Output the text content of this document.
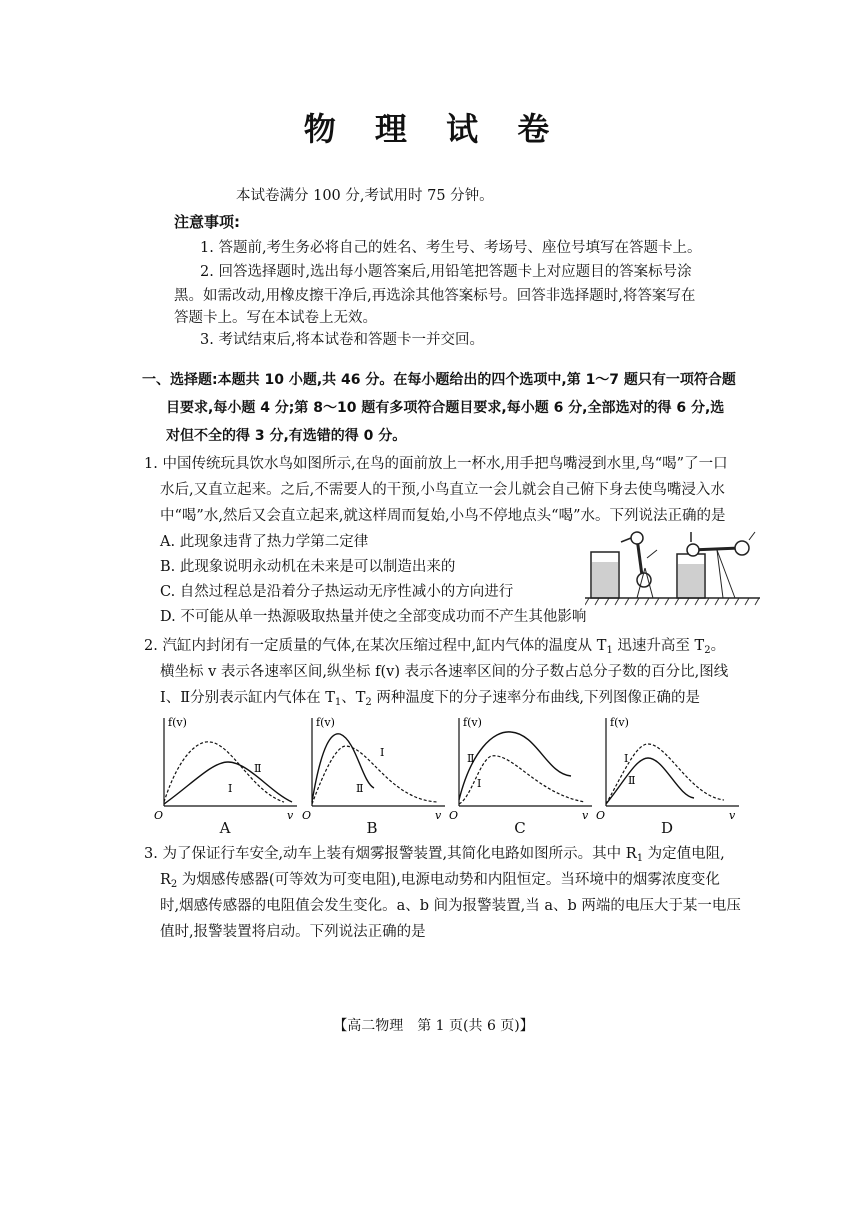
物 理 试 卷
本试卷满分 100 分,考试用时 75 分钟。
注意事项:
1. 答题前,考生务必将自己的姓名、考生号、考场号、座位号填写在答题卡上。
2. 回答选择题时,选出每小题答案后,用铅笔把答题卡上对应题目的答案标号涂
黑。如需改动,用橡皮擦干净后,再选涂其他答案标号。回答非选择题时,将答案写在
答题卡上。写在本试卷上无效。
3. 考试结束后,将本试卷和答题卡一并交回。
一、选择题:本题共 10 小题,共 46 分。在每小题给出的四个选项中,第 1～7 题只有一项符合题
目要求,每小题 4 分;第 8～10 题有多项符合题目要求,每小题 6 分,全部选对的得 6 分,选
对但不全的得 3 分,有选错的得 0 分。
1. 中国传统玩具饮水鸟如图所示,在鸟的面前放上一杯水,用手把鸟嘴浸到水里,鸟“喝”了一口
水后,又直立起来。之后,不需要人的干预,小鸟直立一会儿就会自己俯下身去使鸟嘴浸入水
中“喝”水,然后又会直立起来,就这样周而复始,小鸟不停地点头“喝”水。下列说法正确的是
A. 此现象违背了热力学第二定律
B. 此现象说明永动机在未来是可以制造出来的
C. 自然过程总是沿着分子热运动无序性减小的方向进行
D. 不可能从单一热源吸取热量并使之全部变成功而不产生其他影响
2. 汽缸内封闭有一定质量的气体,在某次压缩过程中,缸内气体的温度从 $T_1$ 迅速升高至 $T_2$。
横坐标 v 表示各速率区间,纵坐标 f(v) 表示各速率区间的分子数占总分子数的百分比,图线
Ⅰ、Ⅱ分别表示缸内气体在 $T_1$、$T_2$ 两种温度下的分子速率分布曲线,下列图像正确的是
f(v)
O	v
Ⅰ
Ⅱ
A
f(v)
O	v
Ⅰ
Ⅱ
B
f(v)
O	v
Ⅰ
Ⅱ
C
f(v)
O	v
Ⅰ
Ⅱ
D
3. 为了保证行车安全,动车上装有烟雾报警装置,其简化电路如图所示。其中 $R_1$ 为定值电阻,
$R_2$ 为烟感传感器(可等效为可变电阻),电源电动势和内阻恒定。当环境中的烟雾浓度变化
时,烟感传感器的电阻值会发生变化。a、b 间为报警装置,当 a、b 两端的电压大于某一电压
值时,报警装置将启动。下列说法正确的是
【高二物理　第 1 页(共 6 页)】
